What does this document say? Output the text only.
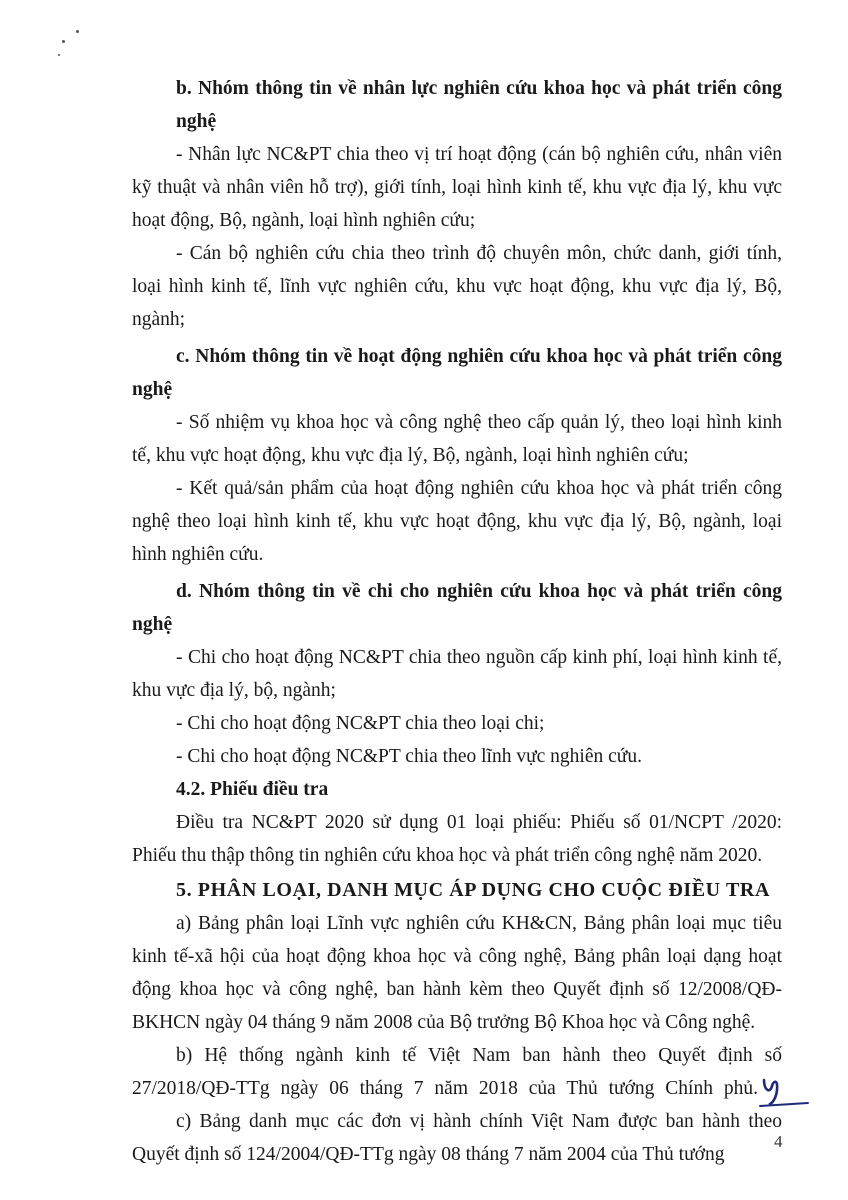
b. Nhóm thông tin về nhân lực nghiên cứu khoa học và phát triển công nghệ

- Nhân lực NC&PT chia theo vị trí hoạt động (cán bộ nghiên cứu, nhân viên kỹ thuật và nhân viên hỗ trợ), giới tính, loại hình kinh tế, khu vực địa lý, khu vực hoạt động, Bộ, ngành, loại hình nghiên cứu;

- Cán bộ nghiên cứu chia theo trình độ chuyên môn, chức danh, giới tính, loại hình kinh tế, lĩnh vực nghiên cứu, khu vực hoạt động, khu vực địa lý, Bộ, ngành;

c. Nhóm thông tin về hoạt động nghiên cứu khoa học và phát triển công nghệ

- Số nhiệm vụ khoa học và công nghệ theo cấp quản lý, theo loại hình kinh tế, khu vực hoạt động, khu vực địa lý, Bộ, ngành, loại hình nghiên cứu;

- Kết quả/sản phẩm của hoạt động nghiên cứu khoa học và phát triển công nghệ theo loại hình kinh tế, khu vực hoạt động, khu vực địa lý, Bộ, ngành, loại hình nghiên cứu.

d. Nhóm thông tin về chi cho nghiên cứu khoa học và phát triển công nghệ

- Chi cho hoạt động NC&PT chia theo nguồn cấp kinh phí, loại hình kinh tế, khu vực địa lý, bộ, ngành;

- Chi cho hoạt động NC&PT chia theo loại chi;

- Chi cho hoạt động NC&PT chia theo lĩnh vực nghiên cứu.

4.2. Phiếu điều tra

Điều tra NC&PT 2020 sử dụng 01 loại phiếu: Phiếu số 01/NCPT /2020: Phiếu thu thập thông tin nghiên cứu khoa học và phát triển công nghệ năm 2020.

5. PHÂN LOẠI, DANH MỤC ÁP DỤNG CHO CUỘC ĐIỀU TRA

a) Bảng phân loại Lĩnh vực nghiên cứu KH&CN, Bảng phân loại mục tiêu kinh tế-xã hội của hoạt động khoa học và công nghệ, Bảng phân loại dạng hoạt động khoa học và công nghệ, ban hành kèm theo Quyết định số 12/2008/QĐ-BKHCN ngày 04 tháng 9 năm 2008 của Bộ trưởng Bộ Khoa học và Công nghệ.

b) Hệ thống ngành kinh tế Việt Nam ban hành theo Quyết định số 27/2018/QĐ-TTg ngày 06 tháng 7 năm 2018 của Thủ tướng Chính phủ.

c) Bảng danh mục các đơn vị hành chính Việt Nam được ban hành theo Quyết định số 124/2004/QĐ-TTg ngày 08 tháng 7 năm 2004 của Thủ tướng

4
